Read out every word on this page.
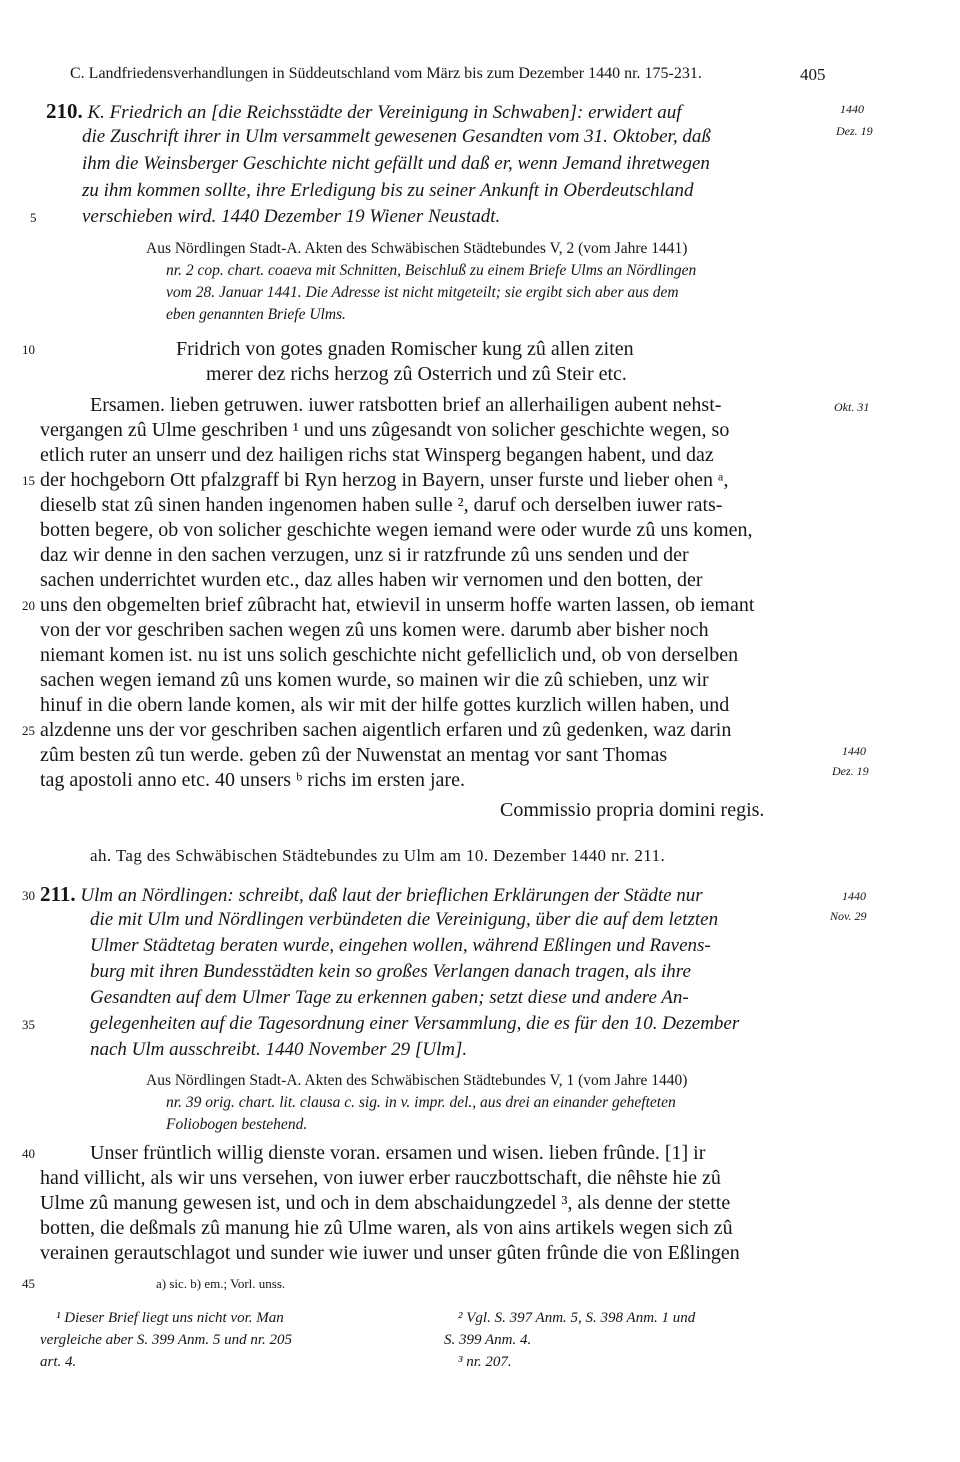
C. Landfriedensverhandlungen in Süddeutschland vom März bis zum Dezember 1440 nr. 175-231.	405
210. K. Friedrich an [die Reichsstädte der Vereinigung in Schwaben]: erwidert auf
die Zuschrift ihrer in Ulm versammelt gewesenen Gesandten vom 31. Oktober, daß
ihm die Weinsberger Geschichte nicht gefällt und daß er, wenn Jemand ihretwegen
zu ihm kommen sollte, ihre Erledigung bis zu seiner Ankunft in Oberdeutschland
verschieben wird. 1440 Dezember 19 Wiener Neustadt.
1440
Dez. 19
Aus Nördlingen Stadt-A. Akten des Schwäbischen Städtebundes V, 2 (vom Jahre 1441)
nr. 2 cop. chart. coaeva mit Schnitten, Beischluß zu einem Briefe Ulms an Nördlingen
vom 28. Januar 1441. Die Adresse ist nicht mitgeteilt; sie ergibt sich aber aus dem
eben genannten Briefe Ulms.
Fridrich von gotes gnaden Romischer kung zû allen ziten
merer dez richs herzog zû Osterrich und zû Steir etc.
Ersamen. lieben getruwen. iuwer ratsbotten brief an allerhailigen aubent nehst-
vergangen zû Ulme geschriben ¹ und uns zûgesandt von solicher geschichte wegen, so
etlich ruter an unserr und dez hailigen richs stat Winsperg begangen habent, und daz
der hochgeborn Ott pfalzgraff bi Ryn herzog in Bayern, unser furste und lieber ohen ᵃ,
dieselb stat zû sinen handen ingenomen haben sulle ², daruf och derselben iuwer rats-
botten begere, ob von solicher geschichte wegen iemand were oder wurde zû uns komen,
daz wir denne in den sachen verzugen, unz si ir ratzfrunde zû uns senden und der
sachen underrichtet wurden etc., daz alles haben wir vernomen und den botten, der
uns den obgemelten brief zûbracht hat, etwievil in unserm hoffe warten lassen, ob iemant
von der vor geschriben sachen wegen zû uns komen were. darumb aber bisher noch
niemant komen ist. nu ist uns solich geschichte nicht gefelliclich und, ob von derselben
sachen wegen iemand zû uns komen wurde, so mainen wir die zû schieben, unz wir
hinuf in die obern lande komen, als wir mit der hilfe gottes kurzlich willen haben, und
alzdenne uns der vor geschriben sachen aigentlich erfaren und zû gedenken, waz darin
zûm besten zû tun werde. geben zû der Nuwenstat an mentag vor sant Thomas
tag apostoli anno etc. 40 unsers ᵇ richs im ersten jare.
Commissio propria domini regis.
Okt. 31
1440
Dez. 19
ah. Tag des Schwäbischen Städtebundes zu Ulm am 10. Dezember 1440 nr. 211.
211. Ulm an Nördlingen: schreibt, daß laut der brieflichen Erklärungen der Städte nur
die mit Ulm und Nördlingen verbündeten die Vereinigung, über die auf dem letzten
Ulmer Städtetag beraten wurde, eingehen wollen, während Eßlingen und Ravens-
burg mit ihren Bundesstädten kein so großes Verlangen danach tragen, als ihre
Gesandten auf dem Ulmer Tage zu erkennen gaben; setzt diese und andere An-
gelegenheiten auf die Tagesordnung einer Versammlung, die es für den 10. Dezember
nach Ulm ausschreibt. 1440 November 29 [Ulm].
1440
Nov. 29
Aus Nördlingen Stadt-A. Akten des Schwäbischen Städtebundes V, 1 (vom Jahre 1440)
nr. 39 orig. chart. lit. clausa c. sig. in v. impr. del., aus drei an einander gehefteten
Foliobogen bestehend.
Unser früntlich willig dienste voran. ersamen und wisen. lieben frûnde. [1] ir
hand villicht, als wir uns versehen, von iuwer erber rauczbottschaft, die nêhste hie zû
Ulme zû manung gewesen ist, und och in dem abschaidungzedel ³, als denne der stette
botten, die deßmals zû manung hie zû Ulme waren, als von ains artikels wegen sich zû
verainen gerautschlagot und sunder wie iuwer und unser gûten frûnde die von Eßlingen
5
10
15
20
25
30
35
40
45	a) sic. b) em.; Vorl. unss.
¹ Dieser Brief liegt uns nicht vor. Man
vergleiche aber S. 399 Anm. 5 und nr. 205
art. 4.
² Vgl. S. 397 Anm. 5, S. 398 Anm. 1 und
S. 399 Anm. 4.
³ nr. 207.
